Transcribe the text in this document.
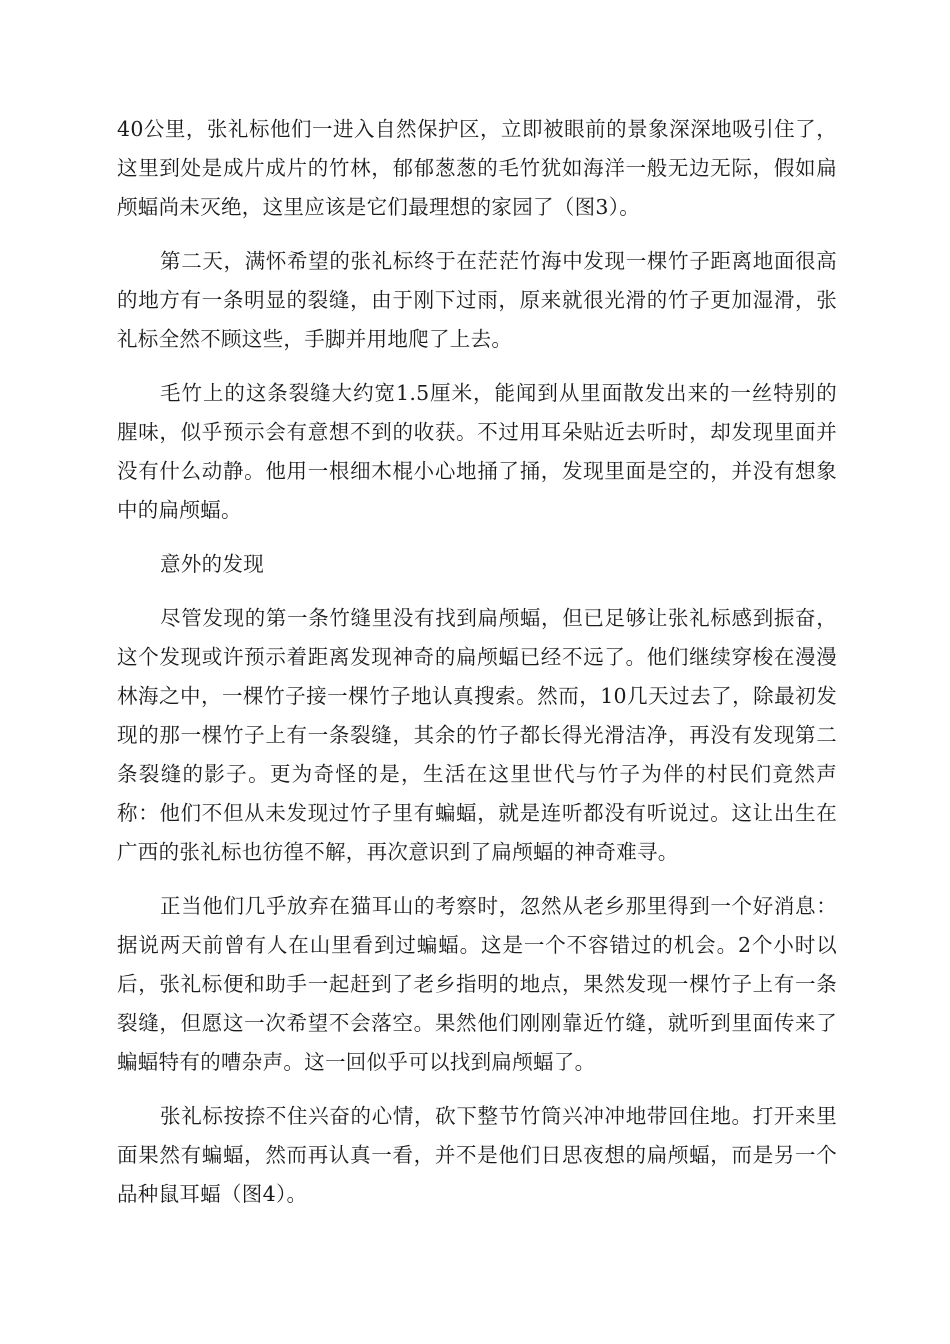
40公里，张礼标他们一进入自然保护区，立即被眼前的景象深深地吸引住了，这里到处是成片成片的竹林，郁郁葱葱的毛竹犹如海洋一般无边无际，假如扁颅蝠尚未灭绝，这里应该是它们最理想的家园了（图3）。

第二天，满怀希望的张礼标终于在茫茫竹海中发现一棵竹子距离地面很高的地方有一条明显的裂缝，由于刚下过雨，原来就很光滑的竹子更加湿滑，张礼标全然不顾这些，手脚并用地爬了上去。

毛竹上的这条裂缝大约宽1.5厘米，能闻到从里面散发出来的一丝特别的腥味，似乎预示会有意想不到的收获。不过用耳朵贴近去听时，却发现里面并没有什么动静。他用一根细木棍小心地捅了捅，发现里面是空的，并没有想象中的扁颅蝠。

意外的发现

尽管发现的第一条竹缝里没有找到扁颅蝠，但已足够让张礼标感到振奋，这个发现或许预示着距离发现神奇的扁颅蝠已经不远了。他们继续穿梭在漫漫林海之中，一棵竹子接一棵竹子地认真搜索。然而，10几天过去了，除最初发现的那一棵竹子上有一条裂缝，其余的竹子都长得光滑洁净，再没有发现第二条裂缝的影子。更为奇怪的是，生活在这里世代与竹子为伴的村民们竟然声称：他们不但从未发现过竹子里有蝙蝠，就是连听都没有听说过。这让出生在广西的张礼标也彷徨不解，再次意识到了扁颅蝠的神奇难寻。

正当他们几乎放弃在猫耳山的考察时，忽然从老乡那里得到一个好消息：据说两天前曾有人在山里看到过蝙蝠。这是一个不容错过的机会。2个小时以后，张礼标便和助手一起赶到了老乡指明的地点，果然发现一棵竹子上有一条裂缝，但愿这一次希望不会落空。果然他们刚刚靠近竹缝，就听到里面传来了蝙蝠特有的嘈杂声。这一回似乎可以找到扁颅蝠了。

张礼标按捺不住兴奋的心情，砍下整节竹筒兴冲冲地带回住地。打开来里面果然有蝙蝠，然而再认真一看，并不是他们日思夜想的扁颅蝠，而是另一个品种鼠耳蝠（图4）。
